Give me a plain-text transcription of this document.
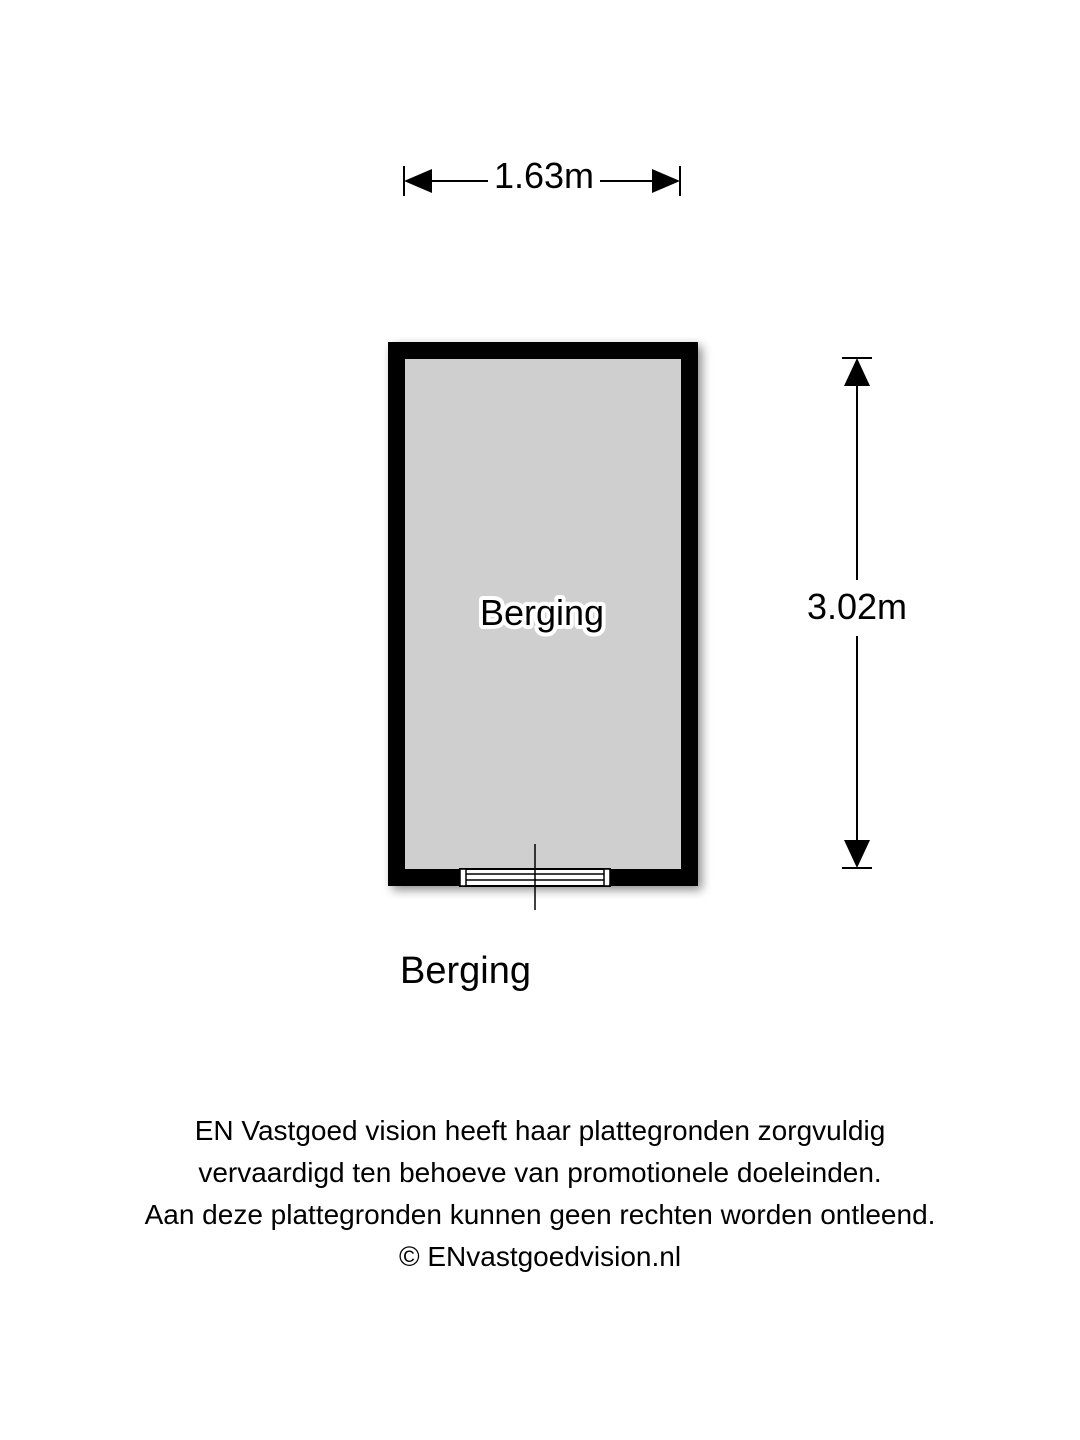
1.63m
3.02m
Berging
Berging
EN Vastgoed vision heeft haar plattegronden zorgvuldig
vervaardigd ten behoeve van promotionele doeleinden.
Aan deze plattegronden kunnen geen rechten worden ontleend.
© ENvastgoedvision.nl
